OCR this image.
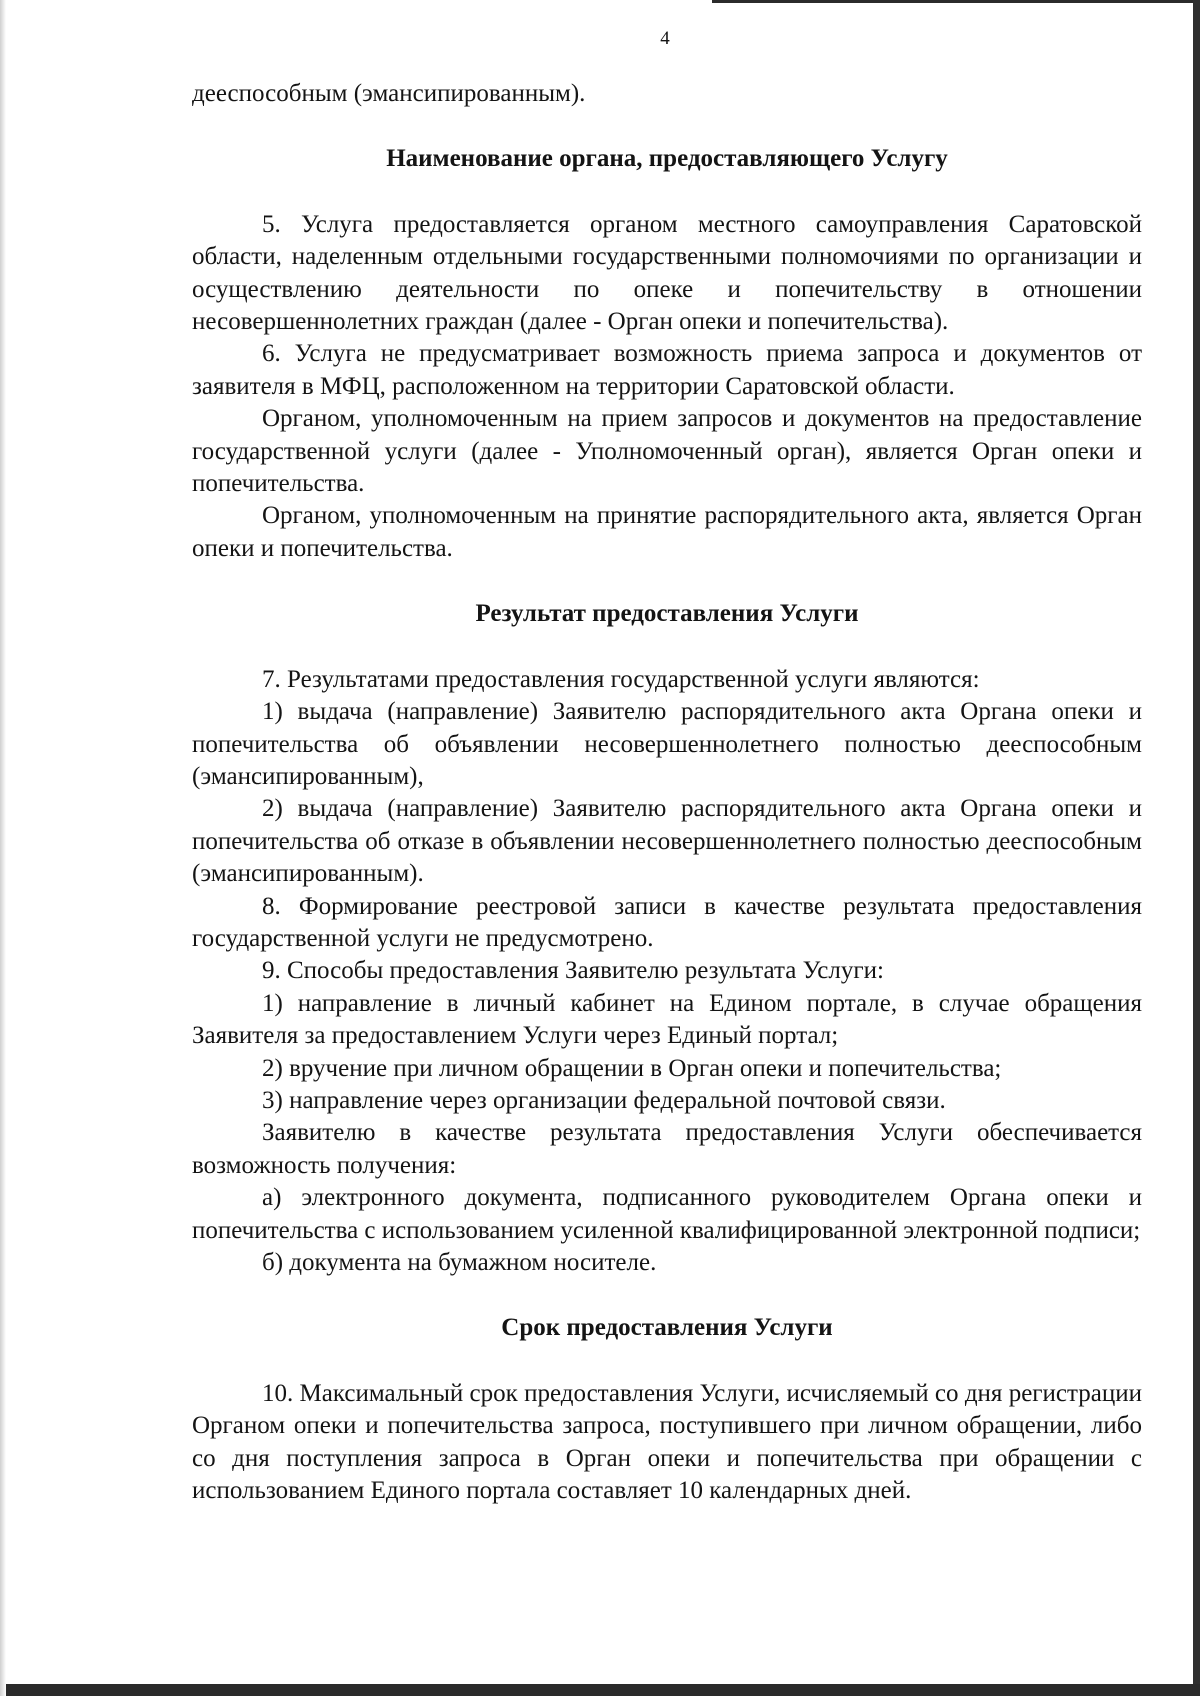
4

дееспособным (эмансипированным).

Наименование органа, предоставляющего Услугу

5. Услуга предоставляется органом местного самоуправления Саратовской области, наделенным отдельными государственными полномочиями по организации и осуществлению деятельности по опеке и попечительству в отношении несовершеннолетних граждан (далее - Орган опеки и попечительства).

6. Услуга не предусматривает возможность приема запроса и документов от заявителя в МФЦ, расположенном на территории Саратовской области.

Органом, уполномоченным на прием запросов и документов на предоставление государственной услуги (далее - Уполномоченный орган), является Орган опеки и попечительства.

Органом, уполномоченным на принятие распорядительного акта, является Орган опеки и попечительства.

Результат предоставления Услуги

7. Результатами предоставления государственной услуги являются:

1) выдача (направление) Заявителю распорядительного акта Органа опеки и попечительства об объявлении несовершеннолетнего полностью дееспособным (эмансипированным),

2) выдача (направление) Заявителю распорядительного акта Органа опеки и попечительства об отказе в объявлении несовершеннолетнего полностью дееспособным (эмансипированным).

8. Формирование реестровой записи в качестве результата предоставления государственной услуги не предусмотрено.

9. Способы предоставления Заявителю результата Услуги:

1) направление в личный кабинет на Едином портале, в случае обращения Заявителя за предоставлением Услуги через Единый портал;

2) вручение при личном обращении в Орган опеки и попечительства;

3) направление через организации федеральной почтовой связи.

Заявителю в качестве результата предоставления Услуги обеспечивается возможность получения:

а) электронного документа, подписанного руководителем Органа опеки и попечительства с использованием усиленной квалифицированной электронной подписи;

б) документа на бумажном носителе.

Срок предоставления Услуги

10. Максимальный срок предоставления Услуги, исчисляемый со дня регистрации Органом опеки и попечительства запроса, поступившего при личном обращении, либо со дня поступления запроса в Орган опеки и попечительства при обращении с использованием Единого портала составляет 10 календарных дней.
